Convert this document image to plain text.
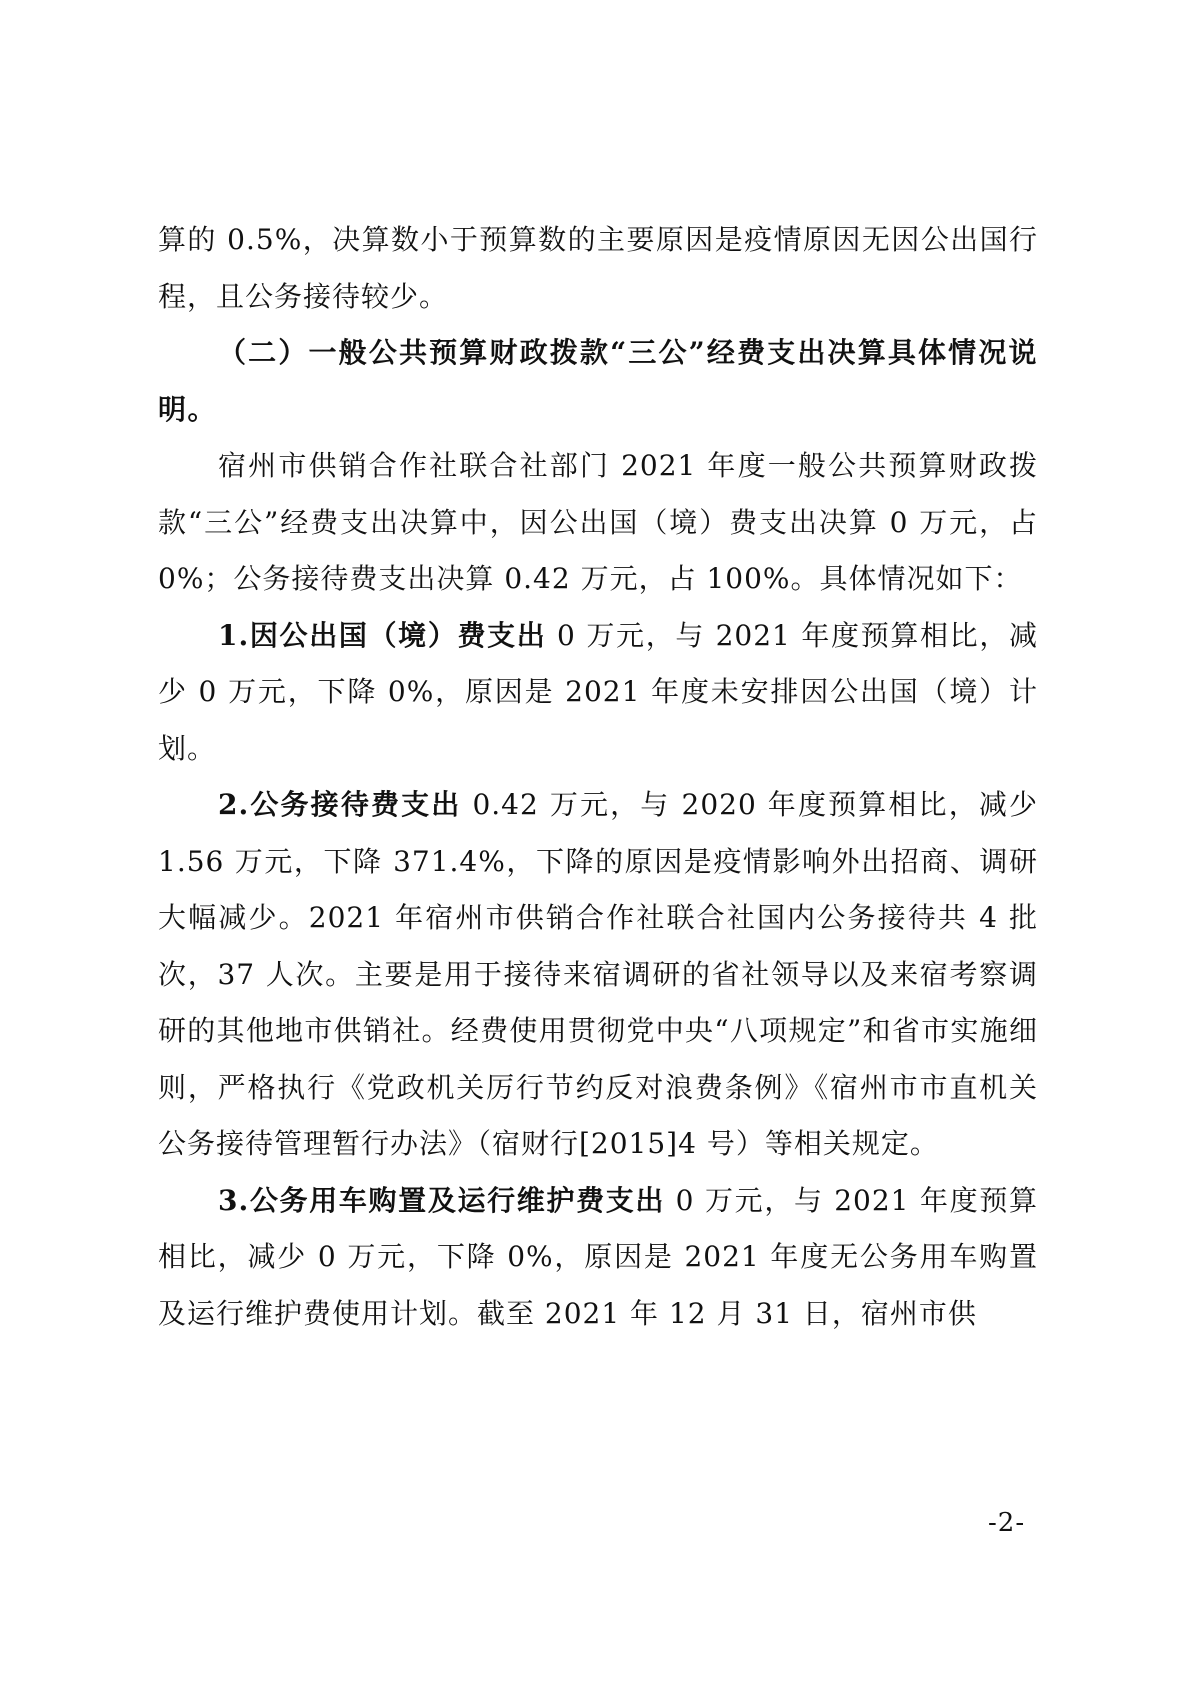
算的 0.5%，决算数小于预算数的主要原因是疫情原因无因公出国行程，且公务接待较少。

（二）一般公共预算财政拨款“三公”经费支出决算具体情况说明。

宿州市供销合作社联合社部门 2021 年度一般公共预算财政拨款“三公”经费支出决算中，因公出国（境）费支出决算 0 万元，占 0%；公务接待费支出决算 0.42 万元，占 100%。具体情况如下：

1.因公出国（境）费支出 0 万元，与 2021 年度预算相比，减少 0 万元，下降 0%，原因是 2021 年度未安排因公出国（境）计划。

2.公务接待费支出 0.42 万元，与 2020 年度预算相比，减少 1.56 万元，下降 371.4%，下降的原因是疫情影响外出招商、调研大幅减少。2021 年宿州市供销合作社联合社国内公务接待共 4 批次，37 人次。主要是用于接待来宿调研的省社领导以及来宿考察调研的其他地市供销社。经费使用贯彻党中央“八项规定”和省市实施细则，严格执行《党政机关厉行节约反对浪费条例》《宿州市市直机关公务接待管理暂行办法》（宿财行[2015]4 号）等相关规定。

3.公务用车购置及运行维护费支出 0 万元，与 2021 年度预算相比，减少 0 万元，下降 0%，原因是 2021 年度无公务用车购置及运行维护费使用计划。截至 2021 年 12 月 31 日，宿州市供

-2-
